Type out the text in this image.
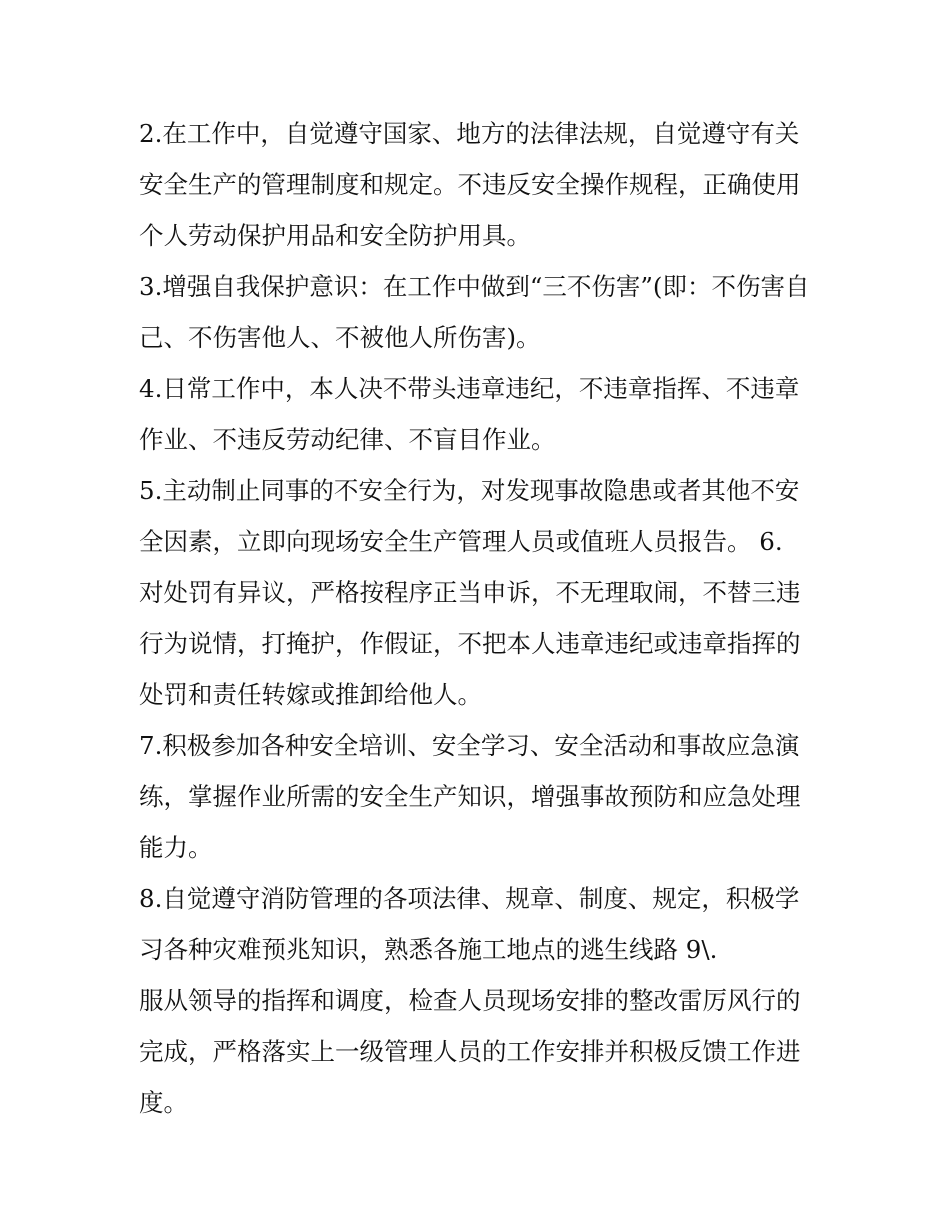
2.在工作中，自觉遵守国家、地方的法律法规，自觉遵守有关
安全生产的管理制度和规定。不违反安全操作规程，正确使用
个人劳动保护用品和安全防护用具。
3.增强自我保护意识：在工作中做到“三不伤害”(即：不伤害自
己、不伤害他人、不被他人所伤害)。
4.日常工作中，本人决不带头违章违纪，不违章指挥、不违章
作业、不违反劳动纪律、不盲目作业。
5.主动制止同事的不安全行为，对发现事故隐患或者其他不安
全因素，立即向现场安全生产管理人员或值班人员报告。 6.
对处罚有异议，严格按程序正当申诉，不无理取闹，不替三违
行为说情，打掩护，作假证，不把本人违章违纪或违章指挥的
处罚和责任转嫁或推卸给他人。
7.积极参加各种安全培训、安全学习、安全活动和事故应急演
练，掌握作业所需的安全生产知识，增强事故预防和应急处理
能力。
8.自觉遵守消防管理的各项法律、规章、制度、规定，积极学
习各种灾难预兆知识，熟悉各施工地点的逃生线路 9\.
服从领导的指挥和调度，检查人员现场安排的整改雷厉风行的
完成，严格落实上一级管理人员的工作安排并积极反馈工作进
度。
